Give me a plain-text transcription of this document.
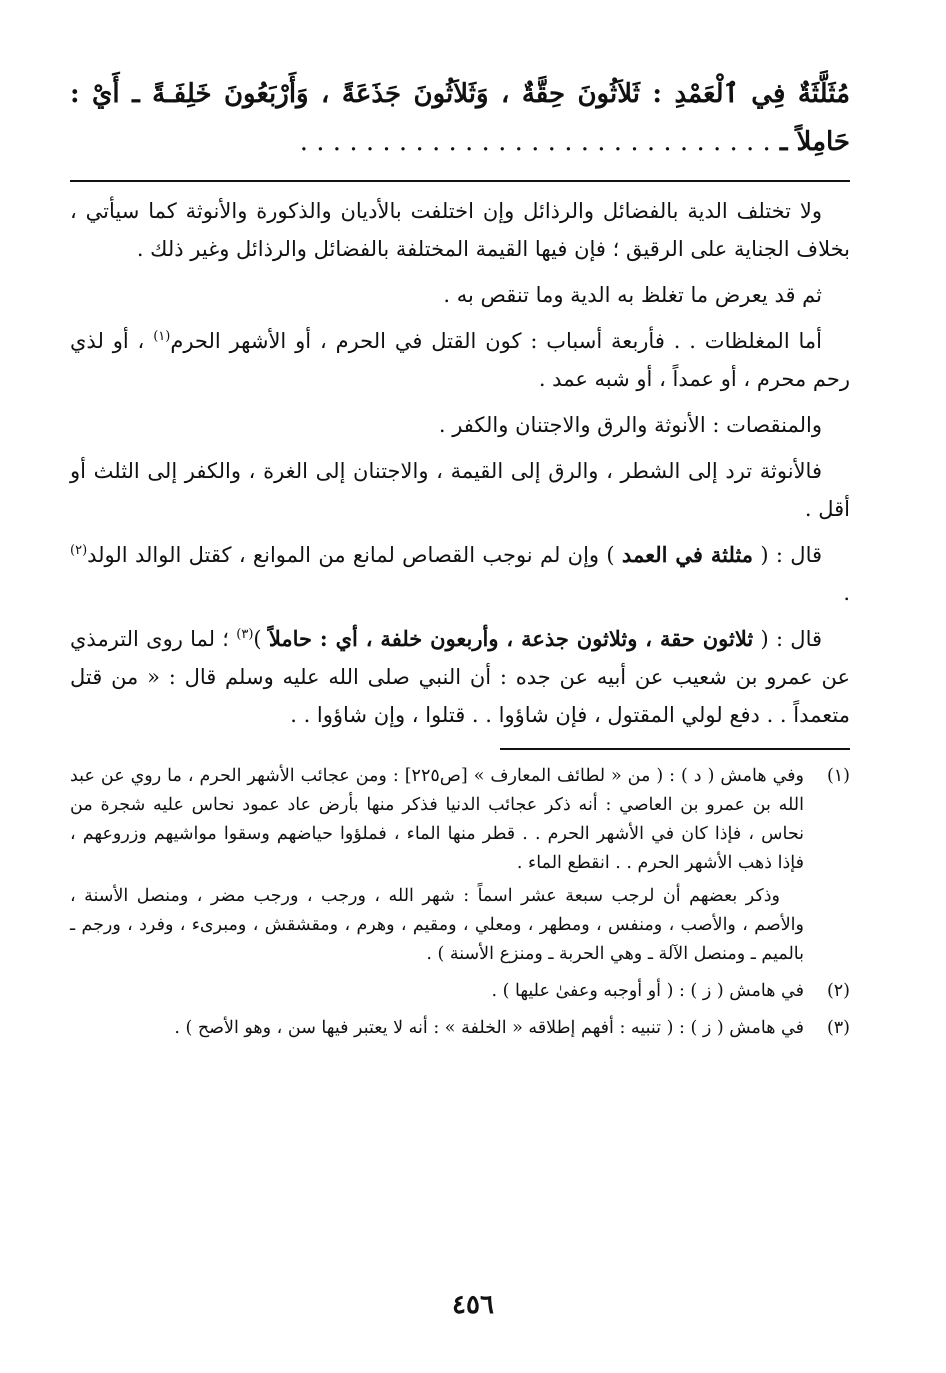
مُثَلَّثَةٌ فِي ٱلْعَمْدِ : ثَلاَثُونَ حِقَّةٌ ، وَثَلاَثُونَ جَذَعَةً ، وَأَرْبَعُونَ خَلِفَـةً ـ أَيْ : حَامِلاً ـ . . . . . . . . . . . . . . . . . . . . . . . . . . . . .

ولا تختلف الدية بالفضائل والرذائل وإن اختلفت بالأديان والذكورة والأنوثة كما سيأتي ، بخلاف الجناية على الرقيق ؛ فإن فيها القيمة المختلفة بالفضائل والرذائل وغير ذلك .

ثم قد يعرض ما تغلظ به الدية وما تنقص به .

أما المغلظات . . فأربعة أسباب : كون القتل في الحرم ، أو الأشهر الحرم$^{(١)}$ ، أو لذي رحم محرم ، أو عمداً ، أو شبه عمد .

والمنقصات : الأنوثة والرق والاجتنان والكفر .

فالأنوثة ترد إلى الشطر ، والرق إلى القيمة ، والاجتنان إلى الغرة ، والكفر إلى الثلث أو أقل .

قال : ( مثلثة في العمد ) وإن لم نوجب القصاص لمانع من الموانع ، كقتل الوالد الولد$^{(٢)}$ .

قال : ( ثلاثون حقة ، وثلاثون جذعة ، وأربعون خلفة ، أي : حاملاً )$^{(٣)}$ ؛ لما روى الترمذي عن عمرو بن شعيب عن أبيه عن جده : أن النبي صلى الله عليه وسلم قال : « من قتل متعمداً . . دفع لولي المقتول ، فإن شاؤوا . . قتلوا ، وإن شاؤوا . .

(١)

وفي هامش ( د ) : ( من « لطائف المعارف » [ص٢٢٥] : ومن عجائب الأشهر الحرم ، ما روي عن عبد الله بن عمرو بن العاصي : أنه ذكر عجائب الدنيا فذكر منها بأرض عاد عمود نحاس عليه شجرة من نحاس ، فإذا كان في الأشهر الحرم . . قطر منها الماء ، فملؤوا حياضهم وسقوا مواشيهم وزروعهم ، فإذا ذهب الأشهر الحرم . . انقطع الماء .

وذكر بعضهم أن لرجب سبعة عشر اسماً : شهر الله ، ورجب ، ورجب مضر ، ومنصل الأسنة ، والأصم ، والأصب ، ومنفس ، ومطهر ، ومعلي ، ومقيم ، وهرم ، ومقشقش ، ومبرىء ، وفرد ، ورجم ـ بالميم ـ ومنصل الآلة ـ وهي الحربة ـ ومنزع الأسنة ) .

(٢)

في هامش ( ز ) : ( أو أوجبه وعفىٰ عليها ) .

(٣)

في هامش ( ز ) : ( تنبيه : أفهم إطلاقه « الخلفة » : أنه لا يعتبر فيها سن ، وهو الأصح ) .

٤٥٦
